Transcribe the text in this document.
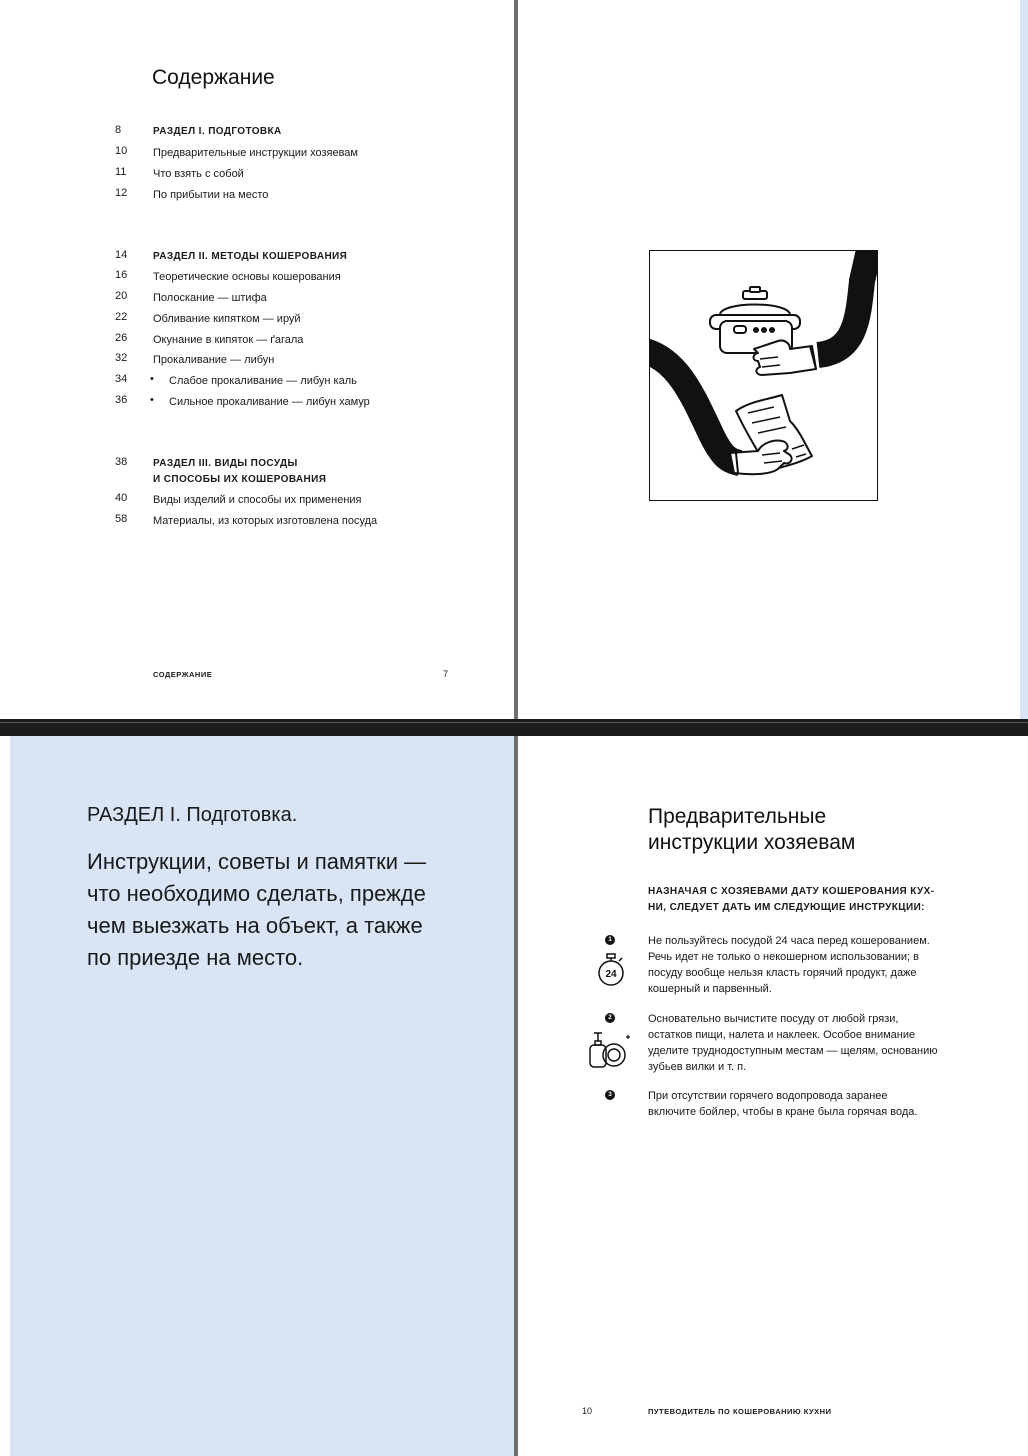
Содержание
8	РАЗДЕЛ I. ПОДГОТОВКА
10 Предварительные инструкции хозяевам
11 Что взять с собой
12 По прибытии на место
14	РАЗДЕЛ II. МЕТОДЫ КОШЕРОВАНИЯ
16 Теоретические основы кошерования
20 Полоскание — штифа
22 Обливание кипятком — ируй
26 Окунание в кипяток — ґагала
32 Прокаливание — либун
34 • Слабое прокаливание — либун каль
36 • Сильное прокаливание — либун хамур
38	РАЗДЕЛ III. ВИДЫ ПОСУДЫ
И СПОСОБЫ ИХ КОШЕРОВАНИЯ
40 Виды изделий и способы их применения
58 Материалы, из которых изготовлена посуда
СОДЕРЖАНИЕ	7
РАЗДЕЛ I. Подготовка.

Инструкции, советы и памятки — что необходимо сделать, прежде чем выезжать на объект, а также по приезде на место.

Предварительные
инструкции хозяевам

НАЗНАЧАЯ С ХОЗЯЕВАМИ ДАТУ КОШЕРОВАНИЯ КУХ-НИ, СЛЕДУЕТ ДАТЬ ИМ СЛЕДУЮЩИЕ ИНСТРУКЦИИ:

1
24

Не пользуйтесь посудой 24 часа перед кошерованием. Речь идет не только о некошерном использовании; в посуду вообще нельзя класть горячий продукт, даже кошерный и парвенный.

2	Основательно вычистите посуду от любой грязи, остатков пищи, налета и наклеек. Особое внимание уделите труднодоступным местам — щелям, основанию зубьев вилки и т. п.

3	При отсутствии горячего водопровода заранее включите бойлер, чтобы в кране была горячая вода.

10	ПУТЕВОДИТЕЛЬ ПО КОШЕРОВАНИЮ КУХНИ
